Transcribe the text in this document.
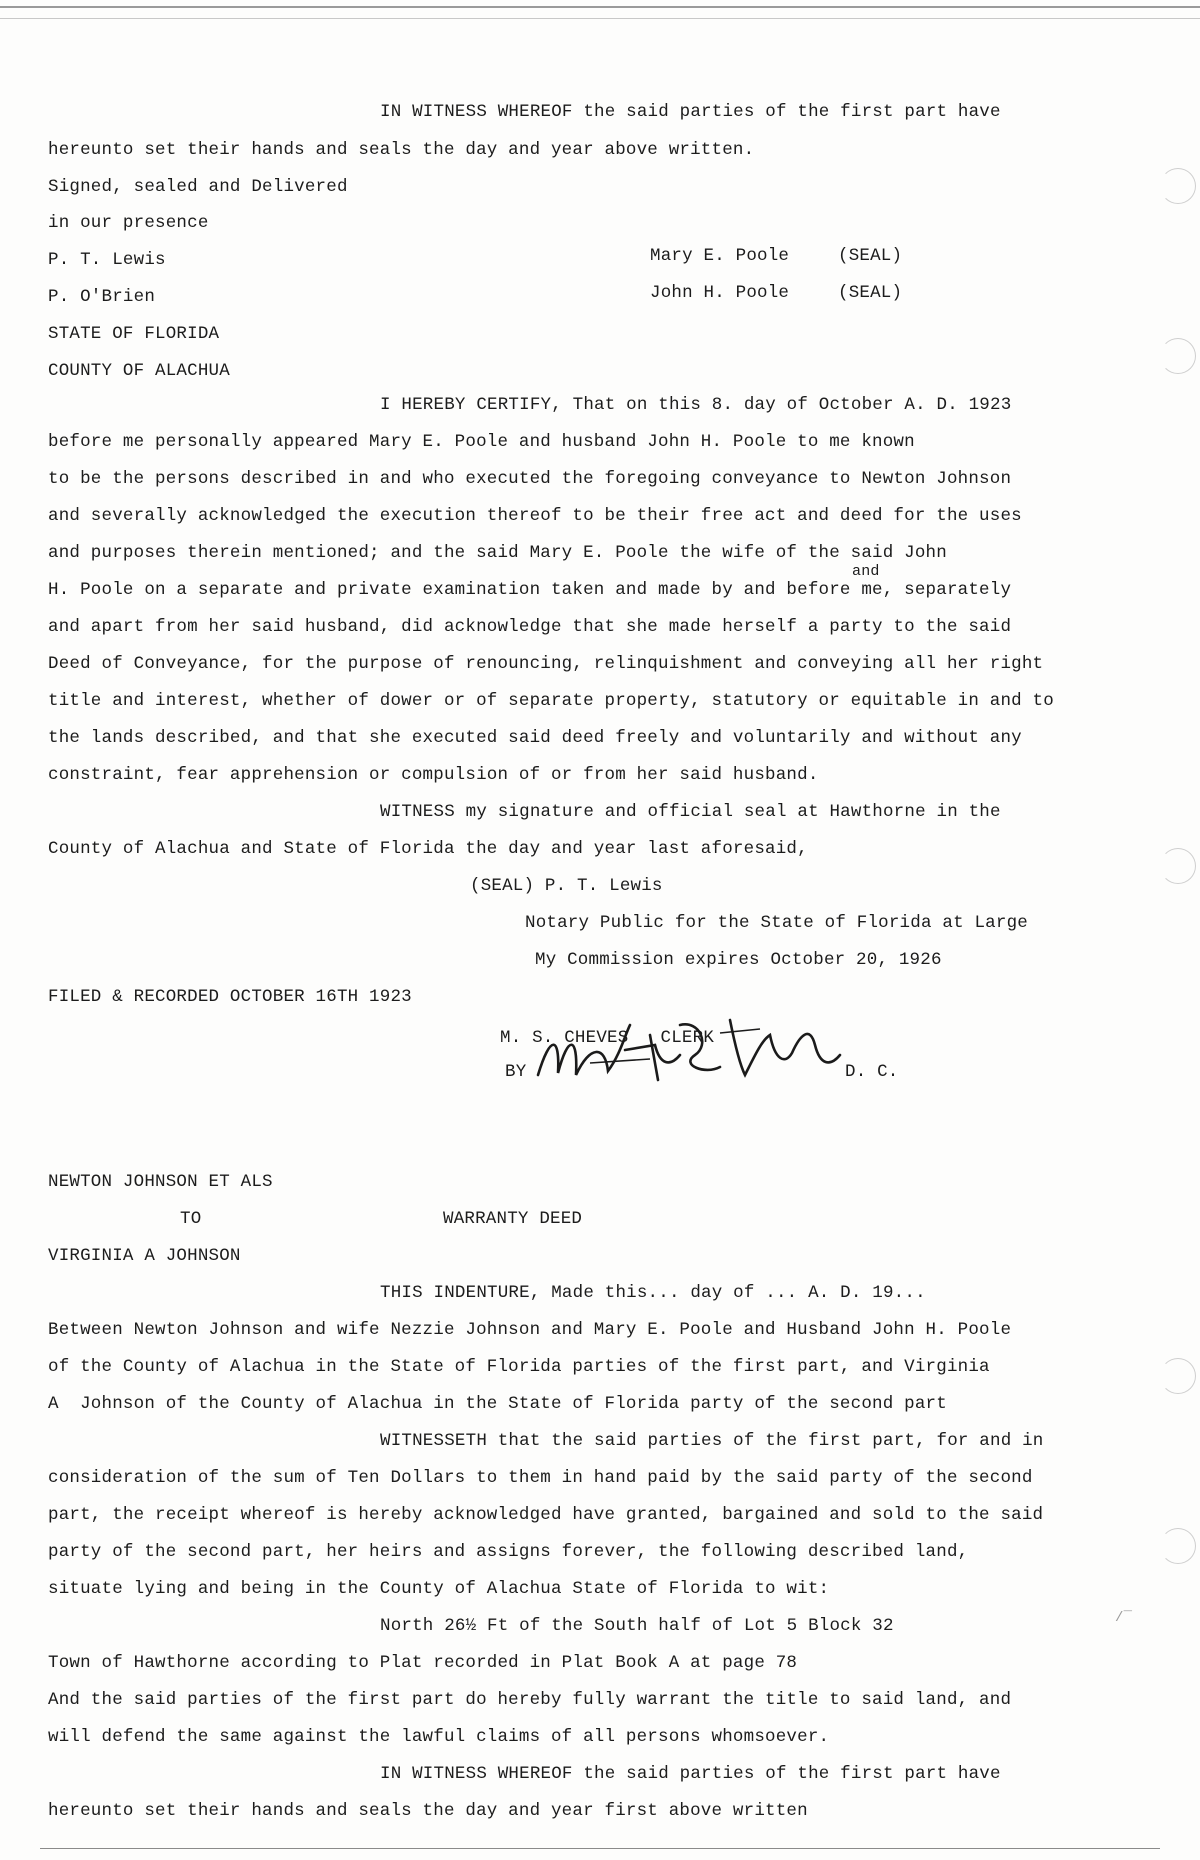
/‾
IN WITNESS WHEREOF the said parties of the first part have
hereunto set their hands and seals the day and year above written.
Signed, sealed and Delivered
in our presence
P. T. Lewis
P. O'Brien
Mary E. Poole	(SEAL)
John H. Poole	(SEAL)
STATE OF FLORIDA
COUNTY OF ALACHUA
I HEREBY CERTIFY, That on this 8. day of October A. D. 1923
before me personally appeared Mary E. Poole and husband John H. Poole to me known
to be the persons described in and who executed the foregoing conveyance to Newton Johnson
and severally acknowledged the execution thereof to be their free act and deed for the uses
and purposes therein mentioned; and the said Mary E. Poole the wife of the said John
and
H. Poole on a separate and private examination taken and made by and before me, separately
and apart from her said husband, did acknowledge that she made herself a party to the said
Deed of Conveyance, for the purpose of renouncing, relinquishment and conveying all her right
title and interest, whether of dower or of separate property, statutory or equitable in and to
the lands described, and that she executed said deed freely and voluntarily and without any
constraint, fear apprehension or compulsion of or from her said husband.
WITNESS my signature and official seal at Hawthorne in the
County of Alachua and State of Florida the day and year last aforesaid,
(SEAL) P. T. Lewis
Notary Public for the State of Florida at Large
My Commission expires October 20, 1926
FILED & RECORDED OCTOBER 16TH 1923
M. S. CHEVES   CLERK
BY	D. C.
NEWTON JOHNSON ET ALS
TO	WARRANTY DEED
VIRGINIA A JOHNSON
THIS INDENTURE, Made this... day of ... A. D. 19...
Between Newton Johnson and wife Nezzie Johnson and Mary E. Poole and Husband John H. Poole
of the County of Alachua in the State of Florida parties of the first part, and Virginia
A  Johnson of the County of Alachua in the State of Florida party of the second part
WITNESSETH that the said parties of the first part, for and in
consideration of the sum of Ten Dollars to them in hand paid by the said party of the second
part, the receipt whereof is hereby acknowledged have granted, bargained and sold to the said
party of the second part, her heirs and assigns forever, the following described land,
situate lying and being in the County of Alachua State of Florida to wit:
North 26½ Ft of the South half of Lot 5 Block 32
Town of Hawthorne according to Plat recorded in Plat Book A at page 78
And the said parties of the first part do hereby fully warrant the title to said land, and
will defend the same against the lawful claims of all persons whomsoever.
IN WITNESS WHEREOF the said parties of the first part have
hereunto set their hands and seals the day and year first above written
